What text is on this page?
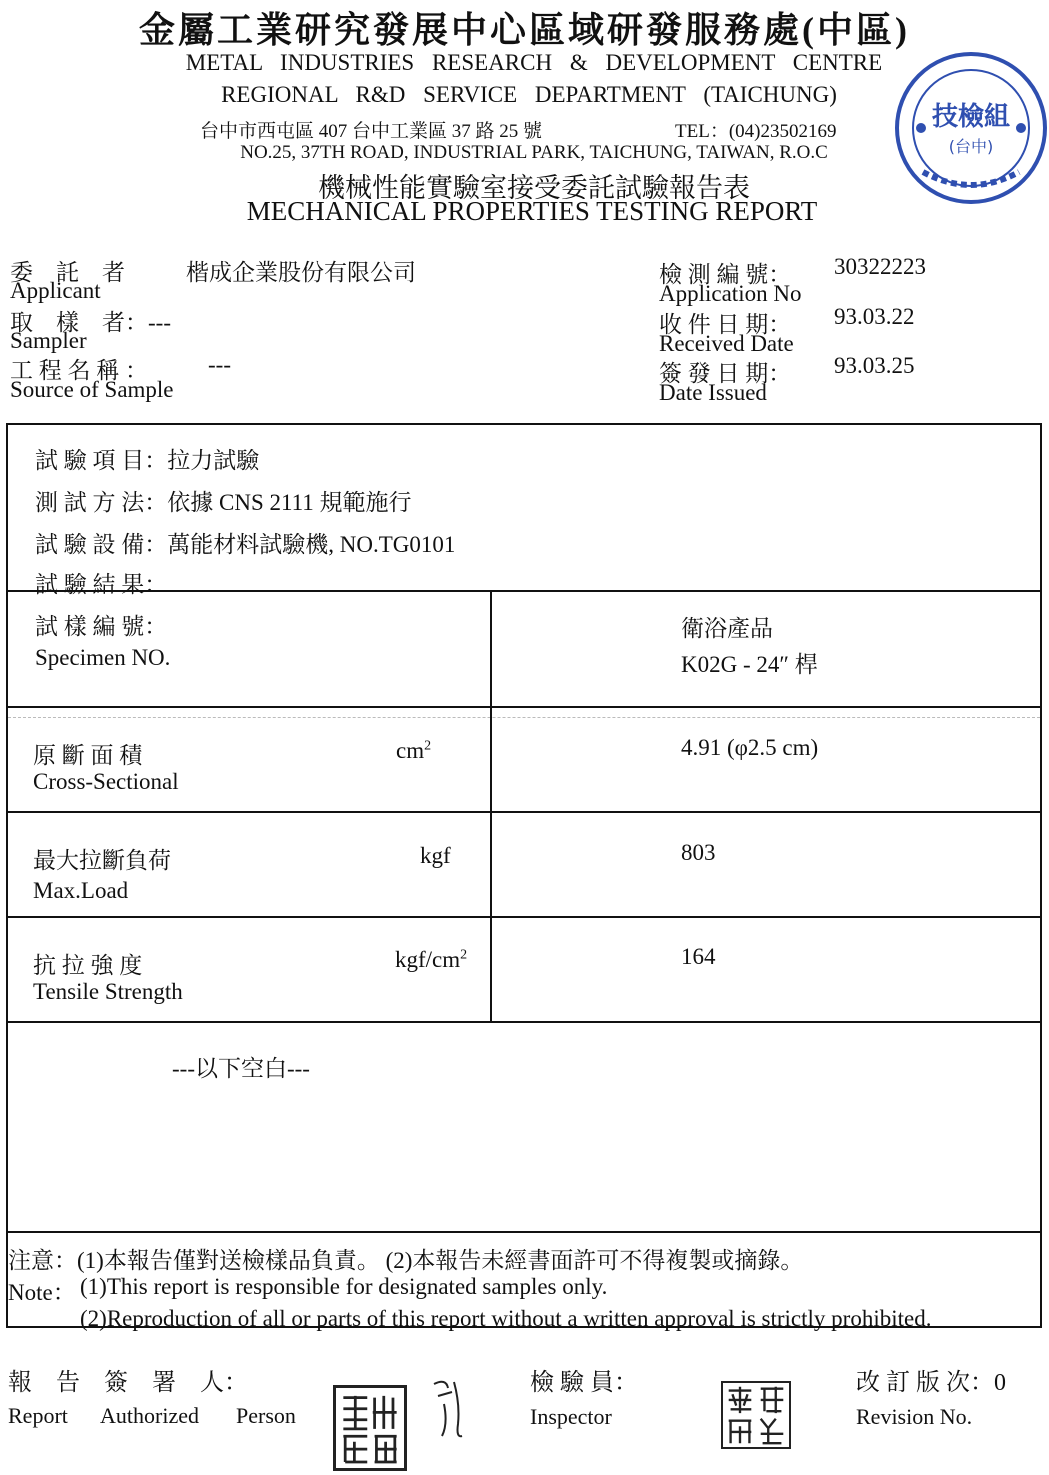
金屬工業研究發展中心區域研發服務處(中區)
METAL INDUSTRIES RESEARCH & DEVELOPMENT CENTRE
REGIONAL R&D SERVICE DEPARTMENT (TAICHUNG)
台中市西屯區 407 台中工業區 37 路 25 號	TEL：(04)23502169
NO.25, 37TH ROAD, INDUSTRIAL PARK, TAICHUNG, TAIWAN, R.O.C
機械性能實驗室接受委託試驗報告表
MECHANICAL PROPERTIES TESTING REPORT
技檢組
(台中)
委　託　者	楷成企業股份有限公司
Applicant
取　樣　者：---
Sampler
工 程 名 稱 ：	---
Source of Sample
檢 測 編 號： 30322223
Application No
收 件 日 期： 93.03.22
Received Date
簽 發 日 期： 93.03.25
Date Issued
試 驗 項 目：拉力試驗
測 試 方 法：依據 CNS 2111 規範施行
試 驗 設 備：萬能材料試驗機, NO.TG0101
試 驗 結 果：
試 樣 編 號：
Specimen NO.
衛浴產品
K02G - 24″ 桿
原 斷 面 積
Cross-Sectional
$cm^2$	4.91 (φ2.5 cm)
最大拉斷負荷
Max.Load
kgf	803
抗 拉 強 度
Tensile Strength
kgf/$cm^2$	164
---以下空白---
注意：(1)本報告僅對送檢樣品負責。 (2)本報告未經書面許可不得複製或摘錄。
Note： (1)This report is responsible for designated samples only.
(2)Reproduction of all or parts of this report without a written approval is strictly prohibited.
報　告　簽　署　人：
Report Authorized Person
檢 驗 員：
Inspector
改 訂 版 次：0
Revision No.
